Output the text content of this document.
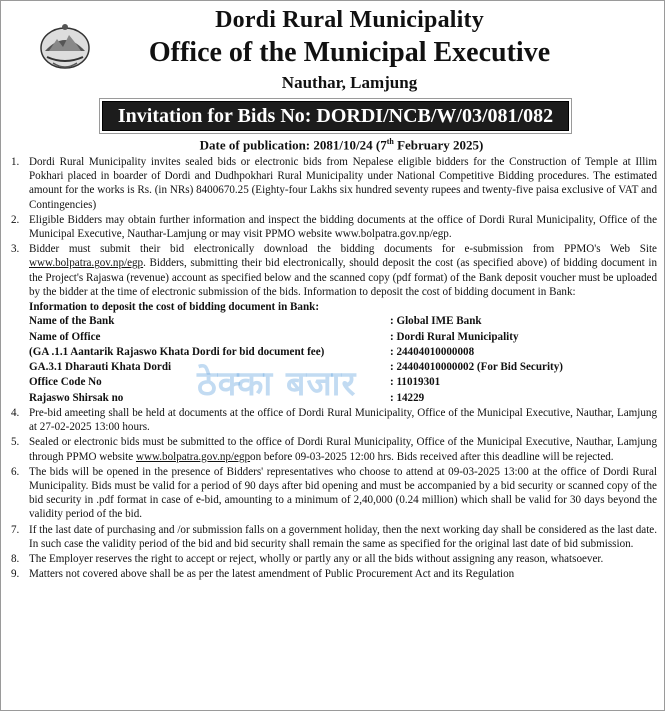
Dordi Rural Municipality
Office of the Municipal Executive
Nauthar, Lamjung
Invitation for Bids No: DORDI/NCB/W/03/081/082
Date of publication: 2081/10/24 (7th February 2025)
1. Dordi Rural Municipality invites sealed bids or electronic bids from Nepalese eligible bidders for the Construction of Temple at Illim Pokhari placed in boarder of Dordi and Dudhpokhari Rural Municipality under National Competitive Bidding procedures. The estimated amount for the works is Rs. (in NRs) 8400670.25 (Eighty-four Lakhs six hundred seventy rupees and twenty-five paisa exclusive of VAT and Contingencies)
2. Eligible Bidders may obtain further information and inspect the bidding documents at the office of Dordi Rural Municipality, Office of the Municipal Executive, Nauthar-Lamjung or may visit PPMO website www.bolpatra.gov.np/egp.
3. Bidder must submit their bid electronically download the bidding documents for e-submission from PPMO's Web Site www.bolpatra.gov.np/egp. Bidders, submitting their bid electronically, should deposit the cost (as specified above) of bidding document in the Project's Rajaswa (revenue) account as specified below and the scanned copy (pdf format) of the Bank deposit voucher must be uploaded by the bidder at the time of electronic submission of the bids. Information to deposit the cost of bidding document in Bank:
Information to deposit the cost of bidding document in Bank:
Name of the Bank	: Global IME Bank
Name of Office	: Dordi Rural Municipality
(GA .1.1 Aantarik Rajaswo Khata Dordi for bid document fee)	: 24404010000008
GA.3.1 Dharauti Khata Dordi	: 24404010000002 (For Bid Security)
Office Code No	: 11019301
Rajaswo Shirsak no	: 14229
4. Pre-bid ameeting shall be held at documents at the office of Dordi Rural Municipality, Office of the Municipal Executive, Nauthar, Lamjung at 27-02-2025 13:00 hours.
5. Sealed or electronic bids must be submitted to the office of Dordi Rural Municipality, Office of the Municipal Executive, Nauthar, Lamjung through PPMO website www.bolpatra.gov.np/egpon before 09-03-2025 12:00 hrs. Bids received after this deadline will be rejected.
6. The bids will be opened in the presence of Bidders' representatives who choose to attend at 09-03-2025 13:00 at the office of Dordi Rural Municipality. Bids must be valid for a period of 90 days after bid opening and must be accompanied by a bid security or scanned copy of the bid security in .pdf format in case of e-bid, amounting to a minimum of 2,40,000 (0.24 million) which shall be valid for 30 days beyond the validity period of the bid.
7. If the last date of purchasing and /or submission falls on a government holiday, then the next working day shall be considered as the last date. In such case the validity period of the bid and bid security shall remain the same as specified for the original last date of bid submission.
8. The Employer reserves the right to accept or reject, wholly or partly any or all the bids without assigning any reason, whatsoever.
9. Matters not covered above shall be as per the latest amendment of Public Procurement Act and its Regulation
ठेक्का बजार
